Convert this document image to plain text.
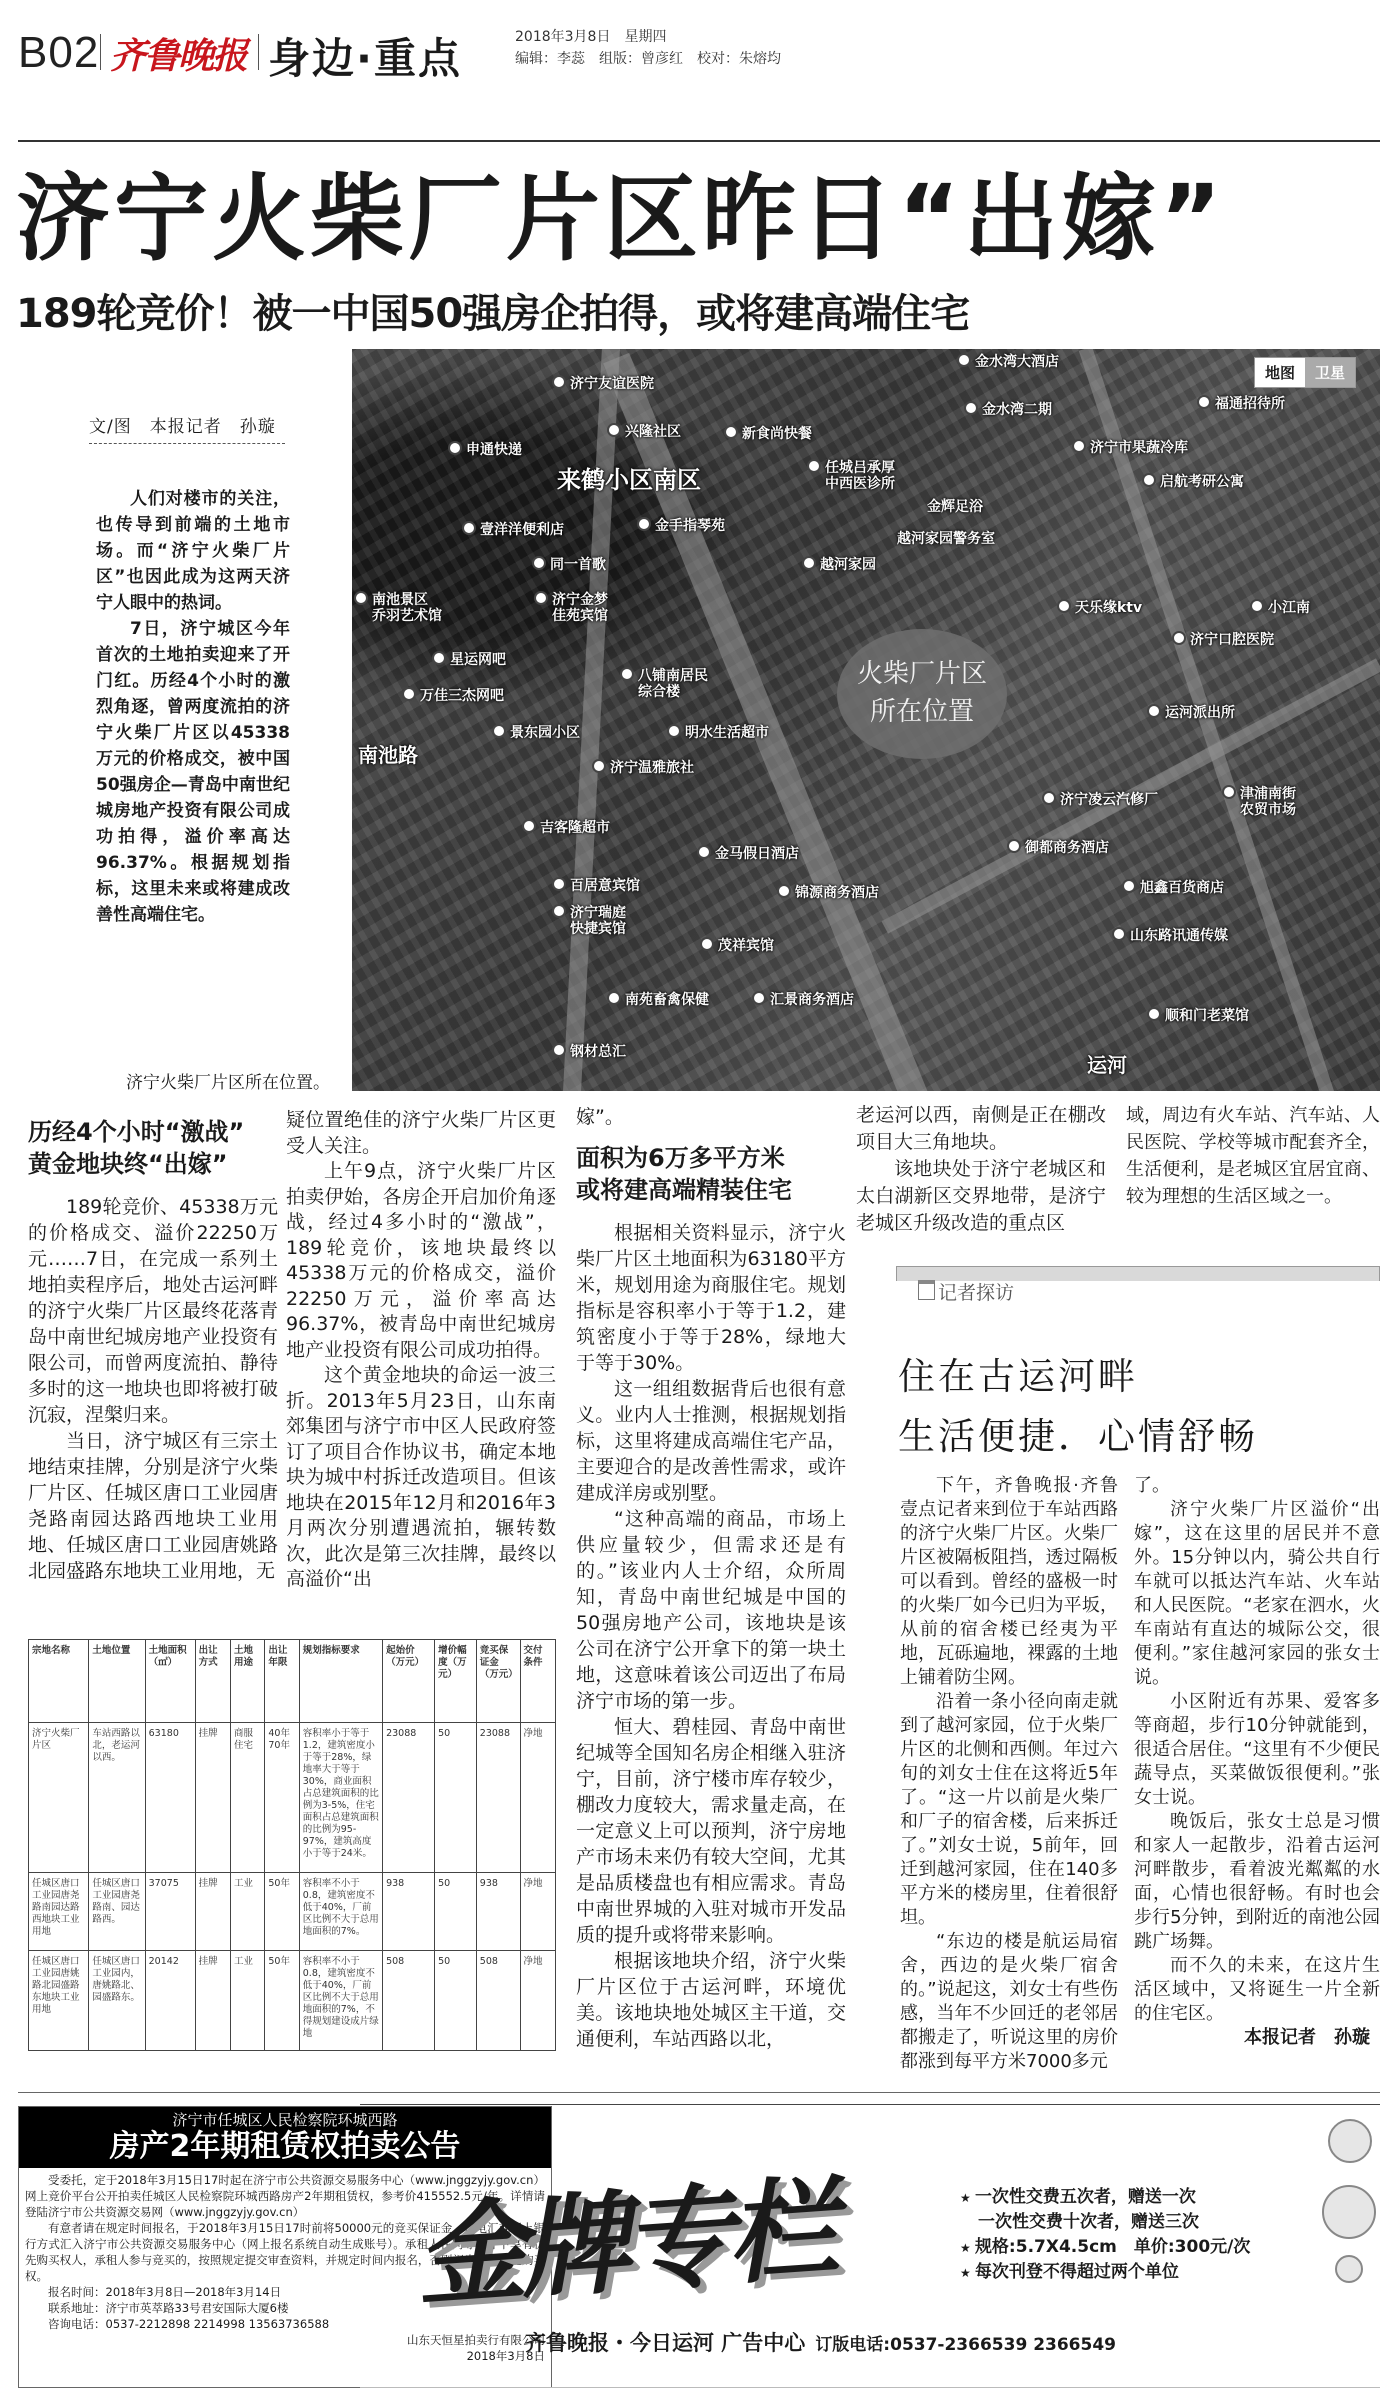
B02 齐鲁晚报 身边·重点	2018年3月8日　 星期四
编辑：李蕊　 组版：曾彦红　 校对：朱熔均
济宁火柴厂片区昨日“出嫁”
189轮竞价！被一中国50强房企拍得，或将建高端住宅
文/图　本报记者　孙璇

人们对楼市的关注，也传导到前端的土地市场。而“济宁火柴厂片区”也因此成为这两天济宁人眼中的热词。

7日，济宁城区今年首次的土地拍卖迎来了开门红。历经4个小时的激烈角逐，曾两度流拍的济宁火柴厂片区以45338万元的价格成交，被中国50强房企—青岛中南世纪城房地产投资有限公司成功拍得，溢价率高达96.37%。根据规划指标，这里未来或将建成改善性高端住宅。

地图	卫星
火柴厂片区
所在位置
济宁友谊医院
兴隆社区	新食尚快餐
申通快递
来鹤小区南区	任城吕承厚
中西医诊所
壹洋洋便利店	金手指琴苑
同一首歌	越河家园
南池景区
乔羽艺术馆
济宁金梦
佳苑宾馆
星运网吧
万佳三杰网吧
八铺南居民
综合楼
景东园小区	明水生活超市
南池路
济宁温雅旅社
吉客隆超市
金马假日酒店
百居意宾馆	锦源商务酒店
济宁瑞庭
快捷宾馆
茂祥宾馆
南苑畜禽保健	汇景商务酒店
钢材总汇
金水湾大酒店
金水湾二期	福通招待所
济宁市果蔬冷库
金辉足浴
启航考研公寓
越河家园警务室
天乐缘ktv	小江南
济宁口腔医院
运河派出所
济宁凌云汽修厂	津浦南街
农贸市场
御都商务酒店
旭鑫百货商店
山东路讯通传媒
顺和门老菜馆
运河
济宁火柴厂片区所在位置。
历经4个小时“激战”
黄金地块终“出嫁”

189轮竞价、45338万元的价格成交、溢价22250万元……7日，在完成一系列土地拍卖程序后，地处古运河畔的济宁火柴厂片区最终花落青岛中南世纪城房地产业投资有限公司，而曾两度流拍、静待多时的这一地块也即将被打破沉寂，涅槃归来。

当日，济宁城区有三宗土地结束挂牌，分别是济宁火柴厂片区、任城区唐口工业园唐尧路南园达路西地块工业用地、任城区唐口工业园唐姚路北园盛路东地块工业用地，无

疑位置绝佳的济宁火柴厂片区更受人关注。

上午9点，济宁火柴厂片区拍卖伊始，各房企开启加价角逐战，经过4多小时的“激战”，189轮竞价，该地块最终以45338万元的价格成交，溢价22250万元，溢价率高达96.37%，被青岛中南世纪城房地产业投资有限公司成功拍得。

这个黄金地块的命运一波三折。2013年5月23日，山东南郊集团与济宁市中区人民政府签订了项目合作协议书，确定本地块为城中村拆迁改造项目。但该地块在2015年12月和2016年3月两次分别遭遇流拍，辗转数次，此次是第三次挂牌，最终以高溢价“出

嫁”。

面积为6万多平方米
或将建高端精装住宅

根据相关资料显示，济宁火柴厂片区土地面积为63180平方米，规划用途为商服住宅。规划指标是容积率小于等于1.2，建筑密度小于等于28%，绿地大于等于30%。

这一组组数据背后也很有意义。业内人士推测，根据规划指标，这里将建成高端住宅产品，主要迎合的是改善性需求，或许建成洋房或别墅。

“这种高端的商品，市场上供应量较少，但需求还是有的。”该业内人士介绍，众所周知，青岛中南世纪城是中国的50强房地产公司，该地块是该公司在济宁公开拿下的第一块土地，这意味着该公司迈出了布局济宁市场的第一步。

恒大、碧桂园、青岛中南世纪城等全国知名房企相继入驻济宁，目前，济宁楼市库存较少，棚改力度较大，需求量走高，在一定意义上可以预判，济宁房地产市场未来仍有较大空间，尤其是品质楼盘也有相应需求。青岛中南世界城的入驻对城市开发品质的提升或将带来影响。

根据该地块介绍，济宁火柴厂片区位于古运河畔，环境优美。该地块地处城区主干道，交通便利，车站西路以北，

老运河以西，南侧是正在棚改项目大三角地块。

该地块处于济宁老城区和太白湖新区交界地带，是济宁老城区升级改造的重点区

域，周边有火车站、汽车站、人民医院、学校等城市配套齐全，生活便利，是老城区宜居宜商、较为理想的生活区域之一。

宗地名称	土地位置	土地面积（㎡）	出让方式	土地用途	出让年限	规划指标要求	起始价（万元）	增价幅度（万元）	竞买保证金（万元）	交付条件
济宁火柴厂片区	车站西路以北，老运河以西。	63180	挂牌	商服住宅	40年 70年	容积率小于等于1.2，建筑密度小于等于28%，绿地率大于等于30%，商业面积占总建筑面积的比例为3-5%，住宅面积占总建筑面积的比例为95-97%，建筑高度小于等于24米。	23088	50	23088	净地
任城区唐口工业园唐尧路南园达路西地块工业用地	任城区唐口工业园唐尧路南、园达路西。	37075	挂牌	工业	50年	容积率不小于0.8，建筑密度不低于40%，厂前区比例不大于总用地面积的7%。	938	50	938	净地
任城区唐口工业园唐姚路北园盛路东地块工业用地	任城区唐口工业园内，唐姚路北、园盛路东。	20142	挂牌	工业	50年	容积率不小于0.8，建筑密度不低于40%，厂前区比例不大于总用地面积的7%，不得规划建设成片绿地	508	50	508	净地
记者探访
住在古运河畔
生活便捷．心情舒畅

下午，齐鲁晚报·齐鲁壹点记者来到位于车站西路的济宁火柴厂片区。火柴厂片区被隔板阻挡，透过隔板可以看到。曾经的盛极一时的火柴厂如今已归为平坂，从前的宿舍楼已经夷为平地，瓦砾遍地，裸露的土地上铺着防尘网。

沿着一条小径向南走就到了越河家园，位于火柴厂片区的北侧和西侧。年过六旬的刘女士住在这将近5年了。“这一片以前是火柴厂和厂子的宿舍楼，后来拆迁了。”刘女士说，5前年，回迁到越河家园，住在140多平方米的楼房里，住着很舒坦。

“东边的楼是航运局宿舍，西边的是火柴厂宿舍的。”说起这，刘女士有些伤感，当年不少回迁的老邻居都搬走了，听说这里的房价都涨到每平方米7000多元

了。

济宁火柴厂片区溢价“出嫁”，这在这里的居民并不意外。15分钟以内，骑公共自行车就可以抵达汽车站、火车站和人民医院。“老家在泗水，火车南站有直达的城际公交，很便利。”家住越河家园的张女士说。

小区附近有苏果、爱客多等商超，步行10分钟就能到，很适合居住。“这里有不少便民蔬导点，买菜做饭很便利。”张女士说。

晚饭后，张女士总是习惯和家人一起散步，沿着古运河河畔散步，看着波光粼粼的水面，心情也很舒畅。有时也会步行5分钟，到附近的南池公园跳广场舞。

而不久的未来，在这片生活区域中，又将诞生一片全新的住宅区。

本报记者　孙璇
济宁市任城区人民检察院环城西路
房产2年期租赁权拍卖公告

受委托，定于2018年3月15日17时起在济宁市公共资源交易服务中心（www.jnggzyjy.gov.cn）网上竞价平台公开拍卖任城区人民检察院环城西路房产2年期租赁权，参考价415552.5元/年。详情请登陆济宁市公共资源交易网（www.jnggzyjy.gov.cn）

有意者请在规定时间报名，于2018年3月15日17时前将50000元的竞买保证金，以电汇或网上银行方式汇入济宁市公共资源交易服务中心（网上报名系统自动生成账号）。承租人在同等条件下享有优先购买权人，承租人参与竞买的，按照规定提交审查资料，并规定时间内报名，否则视为放弃优先购买权。

报名时间：2018年3月8日—2018年3月14日

联系地址：济宁市英萃路33号君安国际大厦6楼

咨询电话：0537-2212898 2214998 13563736588

山东天恒星拍卖行有限公司
2018年3月8日
金牌专栏	★ 一次性交费五次者，赠送一次
一次性交费十次者，赠送三次
★ 规格:5.7X4.5cm　单价:300元/次
★ 每次刊登不得超过两个单位
齐鲁晚报・今日运河 广告中心 订版电话:0537-2366539 2366549
